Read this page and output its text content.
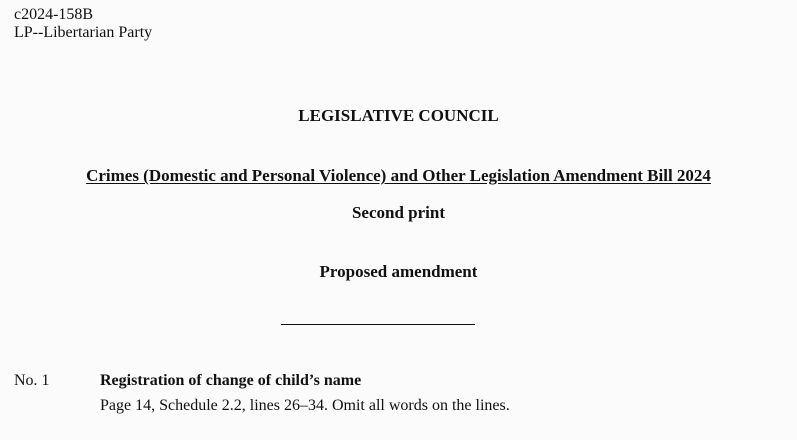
c2024-158B
LP--Libertarian Party
LEGISLATIVE COUNCIL
Crimes (Domestic and Personal Violence) and Other Legislation Amendment Bill 2024
Second print
Proposed amendment
No. 1	Registration of change of child’s name
Page 14, Schedule 2.2, lines 26–34. Omit all words on the lines.
